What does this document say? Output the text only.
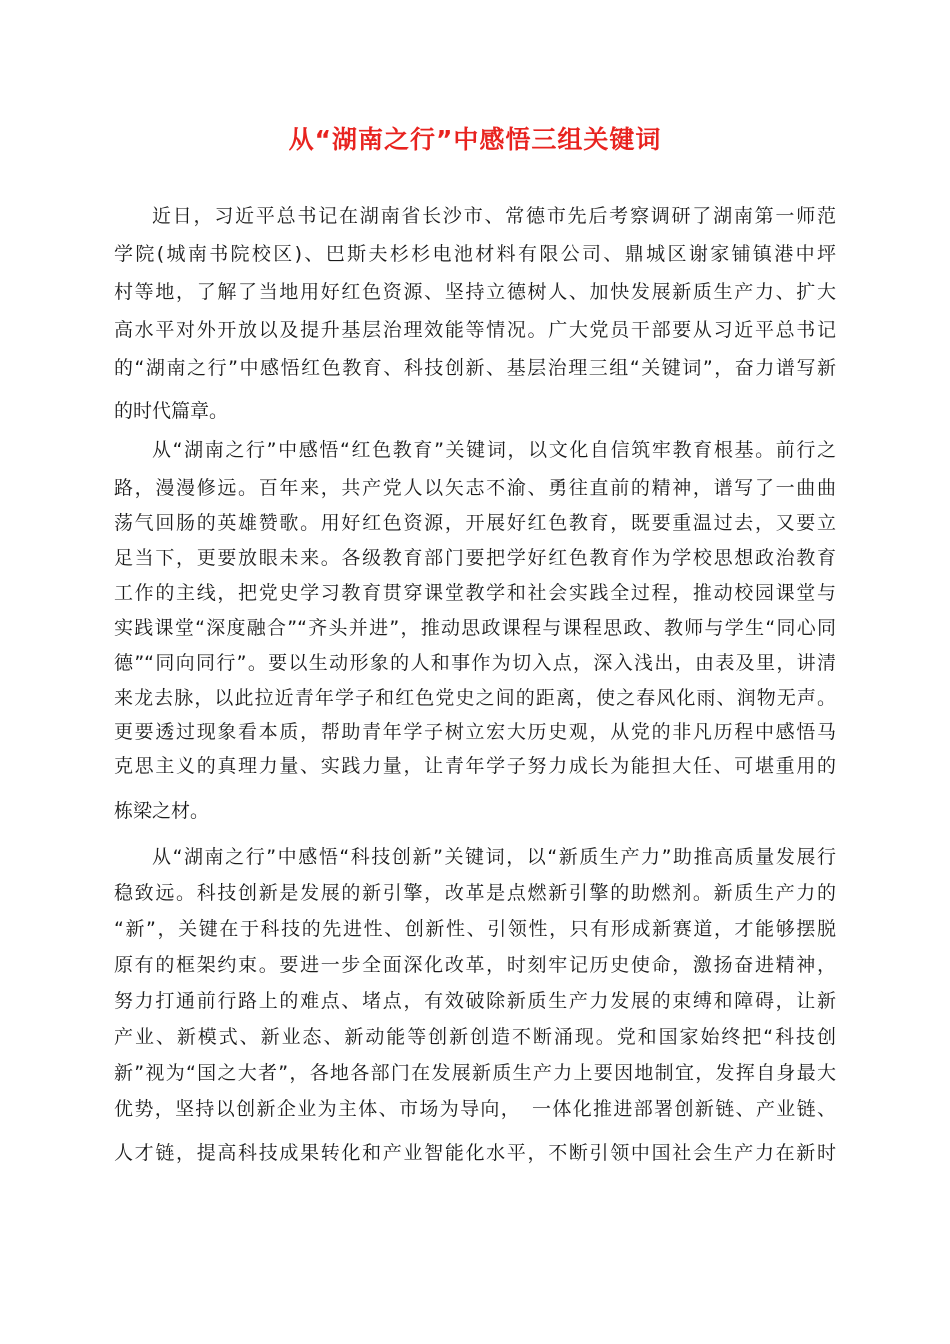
从“湖南之行”中感悟三组关键词

近日，习近平总书记在湖南省长沙市、常德市先后考察调研了湖南第一师范

学院(城南书院校区)、巴斯夫杉杉电池材料有限公司、鼎城区谢家铺镇港中坪

村等地，了解了当地用好红色资源、坚持立德树人、加快发展新质生产力、扩大

高水平对外开放以及提升基层治理效能等情况。广大党员干部要从习近平总书记

的“湖南之行”中感悟红色教育、科技创新、基层治理三组“关键词”，奋力谱写新

的时代篇章。

从“湖南之行”中感悟“红色教育”关键词，以文化自信筑牢教育根基。前行之

路，漫漫修远。百年来，共产党人以矢志不渝、勇往直前的精神，谱写了一曲曲

荡气回肠的英雄赞歌。用好红色资源，开展好红色教育，既要重温过去，又要立

足当下，更要放眼未来。各级教育部门要把学好红色教育作为学校思想政治教育

工作的主线，把党史学习教育贯穿课堂教学和社会实践全过程，推动校园课堂与

实践课堂“深度融合”“齐头并进”，推动思政课程与课程思政、教师与学生“同心同

德”“同向同行”。要以生动形象的人和事作为切入点，深入浅出，由表及里，讲清

来龙去脉，以此拉近青年学子和红色党史之间的距离，使之春风化雨、润物无声。

更要透过现象看本质，帮助青年学子树立宏大历史观，从党的非凡历程中感悟马

克思主义的真理力量、实践力量，让青年学子努力成长为能担大任、可堪重用的

栋梁之材。

从“湖南之行”中感悟“科技创新”关键词，以“新质生产力”助推高质量发展行

稳致远。科技创新是发展的新引擎，改革是点燃新引擎的助燃剂。新质生产力的

“新”，关键在于科技的先进性、创新性、引领性，只有形成新赛道，才能够摆脱

原有的框架约束。要进一步全面深化改革，时刻牢记历史使命，激扬奋进精神，

努力打通前行路上的难点、堵点，有效破除新质生产力发展的束缚和障碍，让新

产业、新模式、新业态、新动能等创新创造不断涌现。党和国家始终把“科技创

新”视为“国之大者”，各地各部门在发展新质生产力上要因地制宜，发挥自身最大

优势，坚持以创新企业为主体、市场为导向，　一体化推进部署创新链、产业链、

人才链，提高科技成果转化和产业智能化水平，不断引领中国社会生产力在新时
